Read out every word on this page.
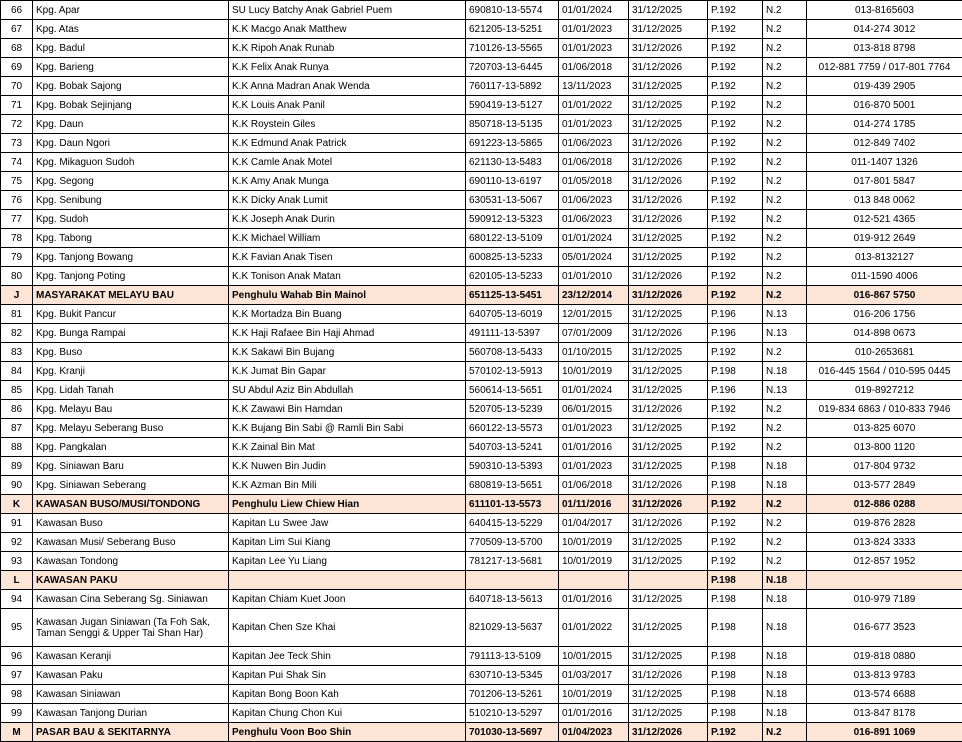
66	Kpg. Apar	SU Lucy Batchy Anak Gabriel Puem	690810-13-5574	01/01/2024	31/12/2025	P.192	N.2	013-8165603
67	Kpg. Atas	K.K Macgo Anak Matthew	621205-13-5251	01/01/2023	31/12/2025	P.192	N.2	014-274 3012
68	Kpg. Badul	K.K Ripoh Anak Runab	710126-13-5565	01/01/2023	31/12/2026	P.192	N.2	013-818 8798
69	Kpg. Barieng	K.K Felix Anak Runya	720703-13-6445	01/06/2018	31/12/2026	P.192	N.2	012-881 7759 / 017-801 7764
70	Kpg. Bobak Sajong	K.K Anna Madran Anak Wenda	760117-13-5892	13/11/2023	31/12/2025	P.192	N.2	019-439 2905
71	Kpg. Bobak Sejinjang	K.K Louis Anak Panil	590419-13-5127	01/01/2022	31/12/2025	P.192	N.2	016-870 5001
72	Kpg. Daun	K.K Roystein Giles	850718-13-5135	01/01/2023	31/12/2025	P.192	N.2	014-274 1785
73	Kpg. Daun Ngori	K.K Edmund Anak Patrick	691223-13-5865	01/06/2023	31/12/2026	P.192	N.2	012-849 7402
74	Kpg. Mikaguon Sudoh	K.K Camle Anak Motel	621130-13-5483	01/06/2018	31/12/2026	P.192	N.2	011-1407 1326
75	Kpg. Segong	K.K Amy Anak Munga	690110-13-6197	01/05/2018	31/12/2026	P.192	N.2	017-801 5847
76	Kpg. Senibung	K.K Dicky Anak Lumit	630531-13-5067	01/06/2023	31/12/2026	P.192	N.2	013 848 0062
77	Kpg. Sudoh	K.K Joseph Anak Durin	590912-13-5323	01/06/2023	31/12/2026	P.192	N.2	012-521 4365
78	Kpg. Tabong	K.K Michael William	680122-13-5109	01/01/2024	31/12/2025	P.192	N.2	019-912 2649
79	Kpg. Tanjong Bowang	K.K Favian Anak Tisen	600825-13-5233	05/01/2024	31/12/2025	P.192	N.2	013-8132127
80	Kpg. Tanjong Poting	K.K Tonison Anak Matan	620105-13-5233	01/01/2010	31/12/2026	P.192	N.2	011-1590 4006
J	MASYARAKAT MELAYU BAU	Penghulu Wahab Bin Mainol	651125-13-5451	23/12/2014	31/12/2026	P.192	N.2	016-867 5750
81	Kpg. Bukit Pancur	K.K Mortadza Bin Buang	640705-13-6019	12/01/2015	31/12/2025	P.196	N.13	016-206 1756
82	Kpg. Bunga Rampai	K.K Haji Rafaee Bin Haji Ahmad	491111-13-5397	07/01/2009	31/12/2026	P.196	N.13	014-898 0673
83	Kpg. Buso	K.K Sakawi Bin Bujang	560708-13-5433	01/10/2015	31/12/2025	P.192	N.2	010-2653681
84	Kpg. Kranji	K.K Jumat Bin Gapar	570102-13-5913	10/01/2019	31/12/2025	P.198	N.18	016-445 1564 / 010-595 0445
85	Kpg. Lidah Tanah	SU Abdul Aziz Bin Abdullah	560614-13-5651	01/01/2024	31/12/2025	P.196	N.13	019-8927212
86	Kpg. Melayu Bau	K.K Zawawi Bin Hamdan	520705-13-5239	06/01/2015	31/12/2026	P.192	N.2	019-834 6863 / 010-833 7946
87	Kpg. Melayu Seberang Buso	K.K Bujang Bin Sabi @ Ramli Bin Sabi	660122-13-5573	01/01/2023	31/12/2025	P.192	N.2	013-825 6070
88	Kpg. Pangkalan	K.K Zainal Bin Mat	540703-13-5241	01/01/2016	31/12/2025	P.192	N.2	013-800 1120
89	Kpg. Siniawan Baru	K.K Nuwen Bin Judin	590310-13-5393	01/01/2023	31/12/2025	P.198	N.18	017-804 9732
90	Kpg. Siniawan Seberang	K.K Azman Bin Mili	680819-13-5651	01/06/2018	31/12/2026	P.198	N.18	013-577 2849
K	KAWASAN BUSO/MUSI/TONDONG	Penghulu Liew Chiew Hian	611101-13-5573	01/11/2016	31/12/2026	P.192	N.2	012-886 0288
91	Kawasan Buso	Kapitan Lu Swee Jaw	640415-13-5229	01/04/2017	31/12/2026	P.192	N.2	019-876 2828
92	Kawasan Musi/ Seberang Buso	Kapitan Lim Sui Kiang	770509-13-5700	10/01/2019	31/12/2025	P.192	N.2	013-824 3333
93	Kawasan Tondong	Kapitan Lee Yu Liang	781217-13-5681	10/01/2019	31/12/2025	P.192	N.2	012-857 1952
L	KAWASAN PAKU					P.198	N.18	
94	Kawasan Cina Seberang Sg. Siniawan	Kapitan Chiam Kuet Joon	640718-13-5613	01/01/2016	31/12/2025	P.198	N.18	010-979 7189
95	Kawasan Jugan Siniawan (Ta Foh Sak, Taman Senggi & Upper Tai Shan Har)	Kapitan Chen Sze Khai	821029-13-5637	01/01/2022	31/12/2025	P.198	N.18	016-677 3523
96	Kawasan Keranji	Kapitan Jee Teck Shin	791113-13-5109	10/01/2015	31/12/2025	P.198	N.18	019-818 0880
97	Kawasan Paku	Kapitan Pui Shak Sin	630710-13-5345	01/03/2017	31/12/2026	P.198	N.18	013-813 9783
98	Kawasan Siniawan	Kapitan Bong Boon Kah	701206-13-5261	10/01/2019	31/12/2025	P.198	N.18	013-574 6688
99	Kawasan Tanjong Durian	Kapitan Chung Chon Kui	510210-13-5297	01/01/2016	31/12/2025	P.198	N.18	013-847 8178
M	PASAR BAU & SEKITARNYA	Penghulu Voon Boo Shin	701030-13-5697	01/04/2023	31/12/2026	P.192	N.2	016-891 1069
